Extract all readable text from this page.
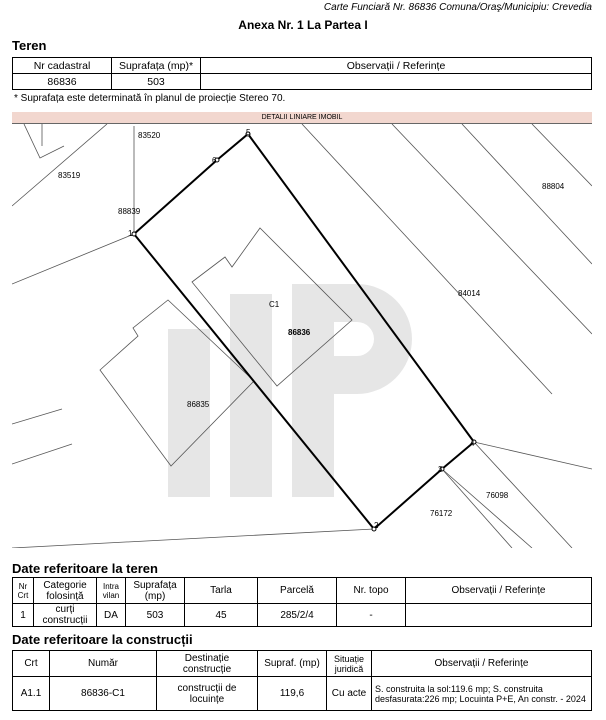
Carte Funciară Nr. 86836 Comuna/Oraş/Municipiu: Crevedia
Anexa Nr. 1 La Partea I
Teren
Nr cadastral	Suprafața (mp)*	Observații / Referințe
86836	503	
* Suprafața este determinată în planul de proiecție Stereo 70.
DETALII LINIARE IMOBIL
1
2
3
4
5
6
83520
83519
88804
88839
84014
C1
86836
86835
76098
76172
Date referitoare la teren
Nr Crt	Categorie folosință	Intra vilan	Suprafața (mp)	Tarla	Parcelă	Nr. topo	Observații / Referințe
1	curți construcții	DA	503	45	285/2/4	-	
Date referitoare la construcții
Crt	Număr	Destinație construcție	Supraf. (mp)	Situație juridică	Observații / Referințe
A1.1	86836-C1	construcții de locuințe	119,6	Cu acte	S. construita la sol:119.6 mp; S. construita desfasurata:226 mp; Locuinta P+E, An constr. - 2024
